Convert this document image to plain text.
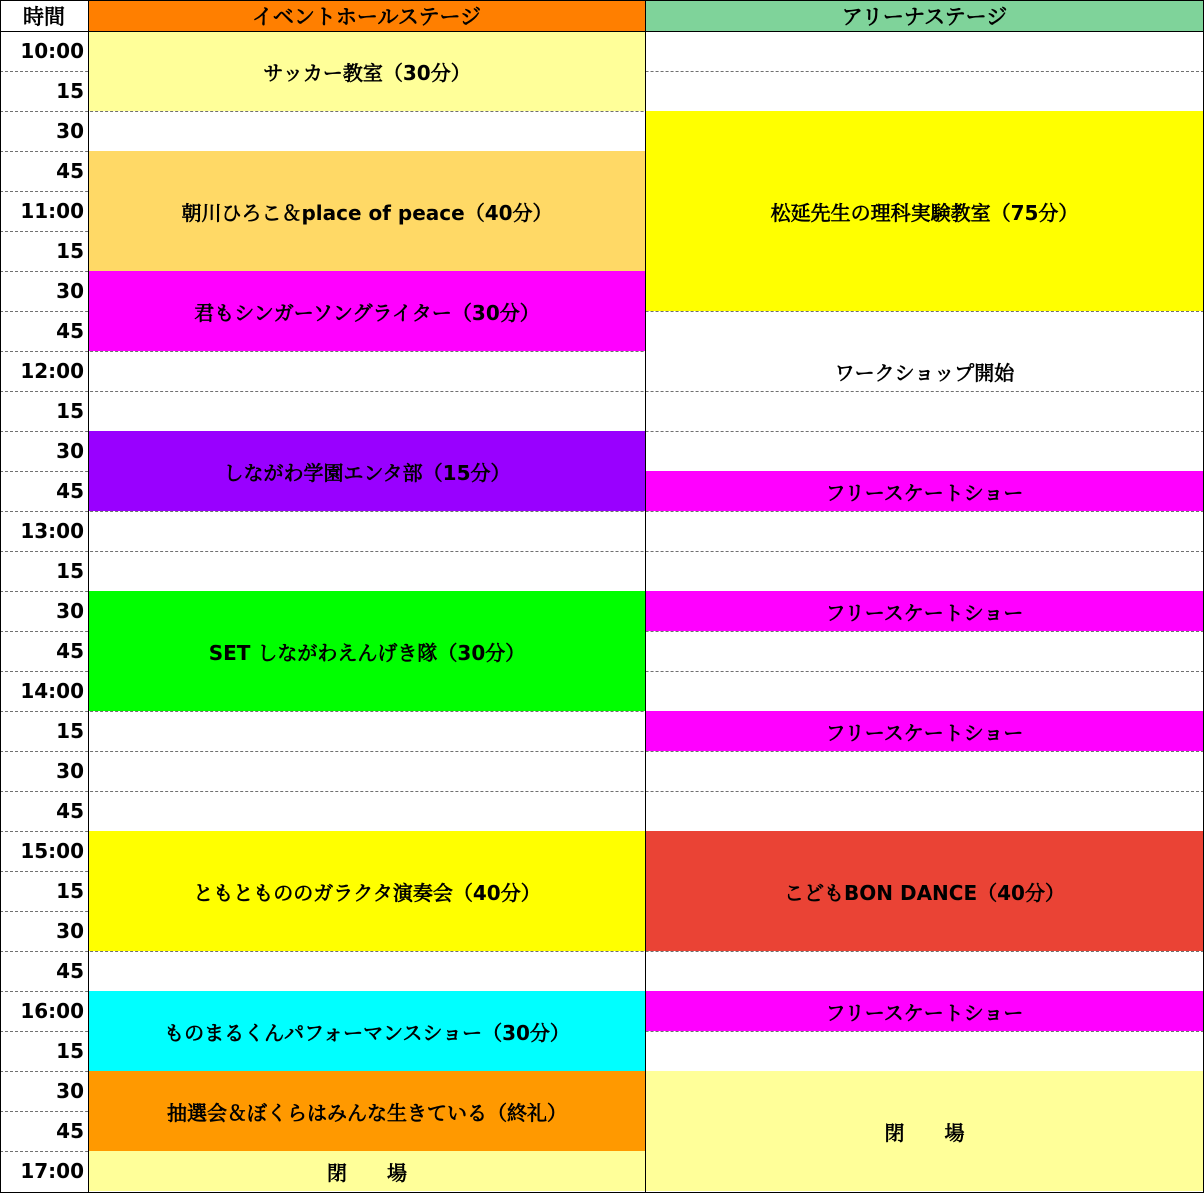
時間	イベントホールステージ	アリーナステージ
10:00
15
30
45
11:00
15
30
45
12:00
15
30
45
13:00
15
30
45
14:00
15
30
45
15:00
15
30
45
16:00
15
30
45
17:00
サッカー教室（30分）
朝川ひろこ＆place of peace（40分）
君もシンガーソングライター（30分）
しながわ学園エンタ部（15分）
SET しながわえんげき隊（30分）
ともともののガラクタ演奏会（40分）
ものまるくんパフォーマンスショー（30分）
抽選会＆ぼくらはみんな生きている（終礼）
閉　　場
松延先生の理科実験教室（75分）
ワークショップ開始
フリースケートショー
フリースケートショー
フリースケートショー
こどもBON DANCE（40分）
フリースケートショー
閉　　場
